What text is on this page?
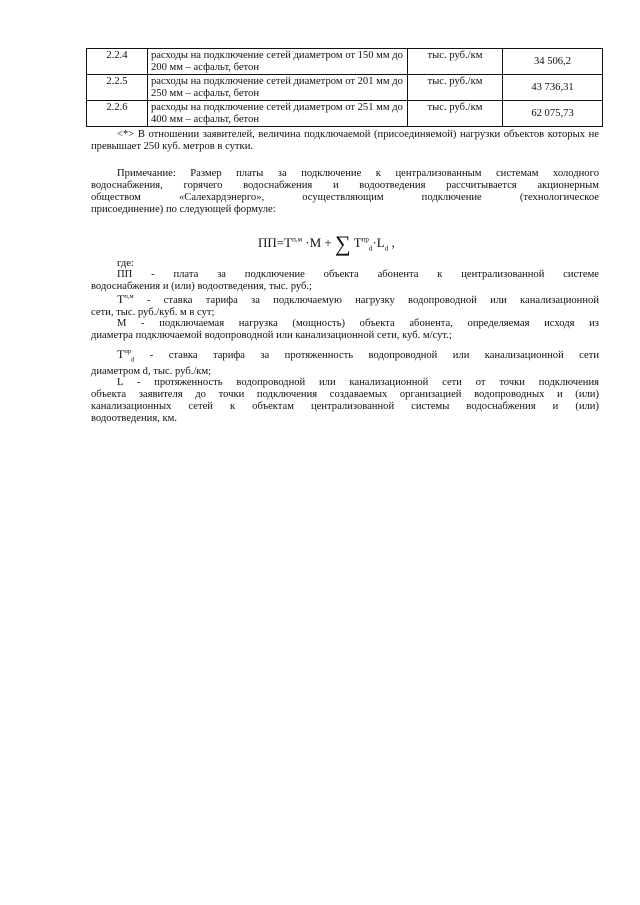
2.2.4	расходы на подключение сетей диаметром от 150 мм до 200 мм – асфальт, бетон	тыс. руб./км	34 506,2
2.2.5	расходы на подключение сетей диаметром от 201 мм до 250 мм – асфальт, бетон	тыс. руб./км	43 736,31
2.2.6	расходы на подключение сетей диаметром от 251 мм до 400 мм – асфальт, бетон	тыс. руб./км	62 075,73
<*> В отношении заявителей, величина подключаемой (присоединяемой) нагрузки объектов которых не превышает 250 куб. метров в сутки.
Примечание: Размер платы за подключение к централизованным системам холодного
водоснабжения, горячего водоснабжения и водоотведения рассчитывается акционерным
обществом «Салехардэнерго», осуществляющим подключение (технологическое
присоединение) по следующей формуле:
$ПП=T^{п,м} \cdot M$ + ∑ $T^{пр}_d\cdot L_d$ ,
где:
ПП - плата за подключение объекта абонента к централизованной системе
водоснабжения и (или) водоотведения, тыс. руб.;
$T^{п,м}$ - ставка тарифа за подключаемую нагрузку водопроводной или канализационной
сети, тыс. руб./куб. м в сут;
M - подключаемая нагрузка (мощность) объекта абонента, определяемая исходя из
диаметра подключаемой водопроводной или канализационной сети, куб. м/сут.;
$T^{пр}_d$ - ставка тарифа за протяженность водопроводной или канализационной сети
диаметром d, тыс. руб./км;
L - протяженность водопроводной или канализационной сети от точки подключения
объекта заявителя до точки подключения создаваемых организацией водопроводных и (или)
канализационных сетей к объектам централизованной системы водоснабжения и (или)
водоотведения, км.
